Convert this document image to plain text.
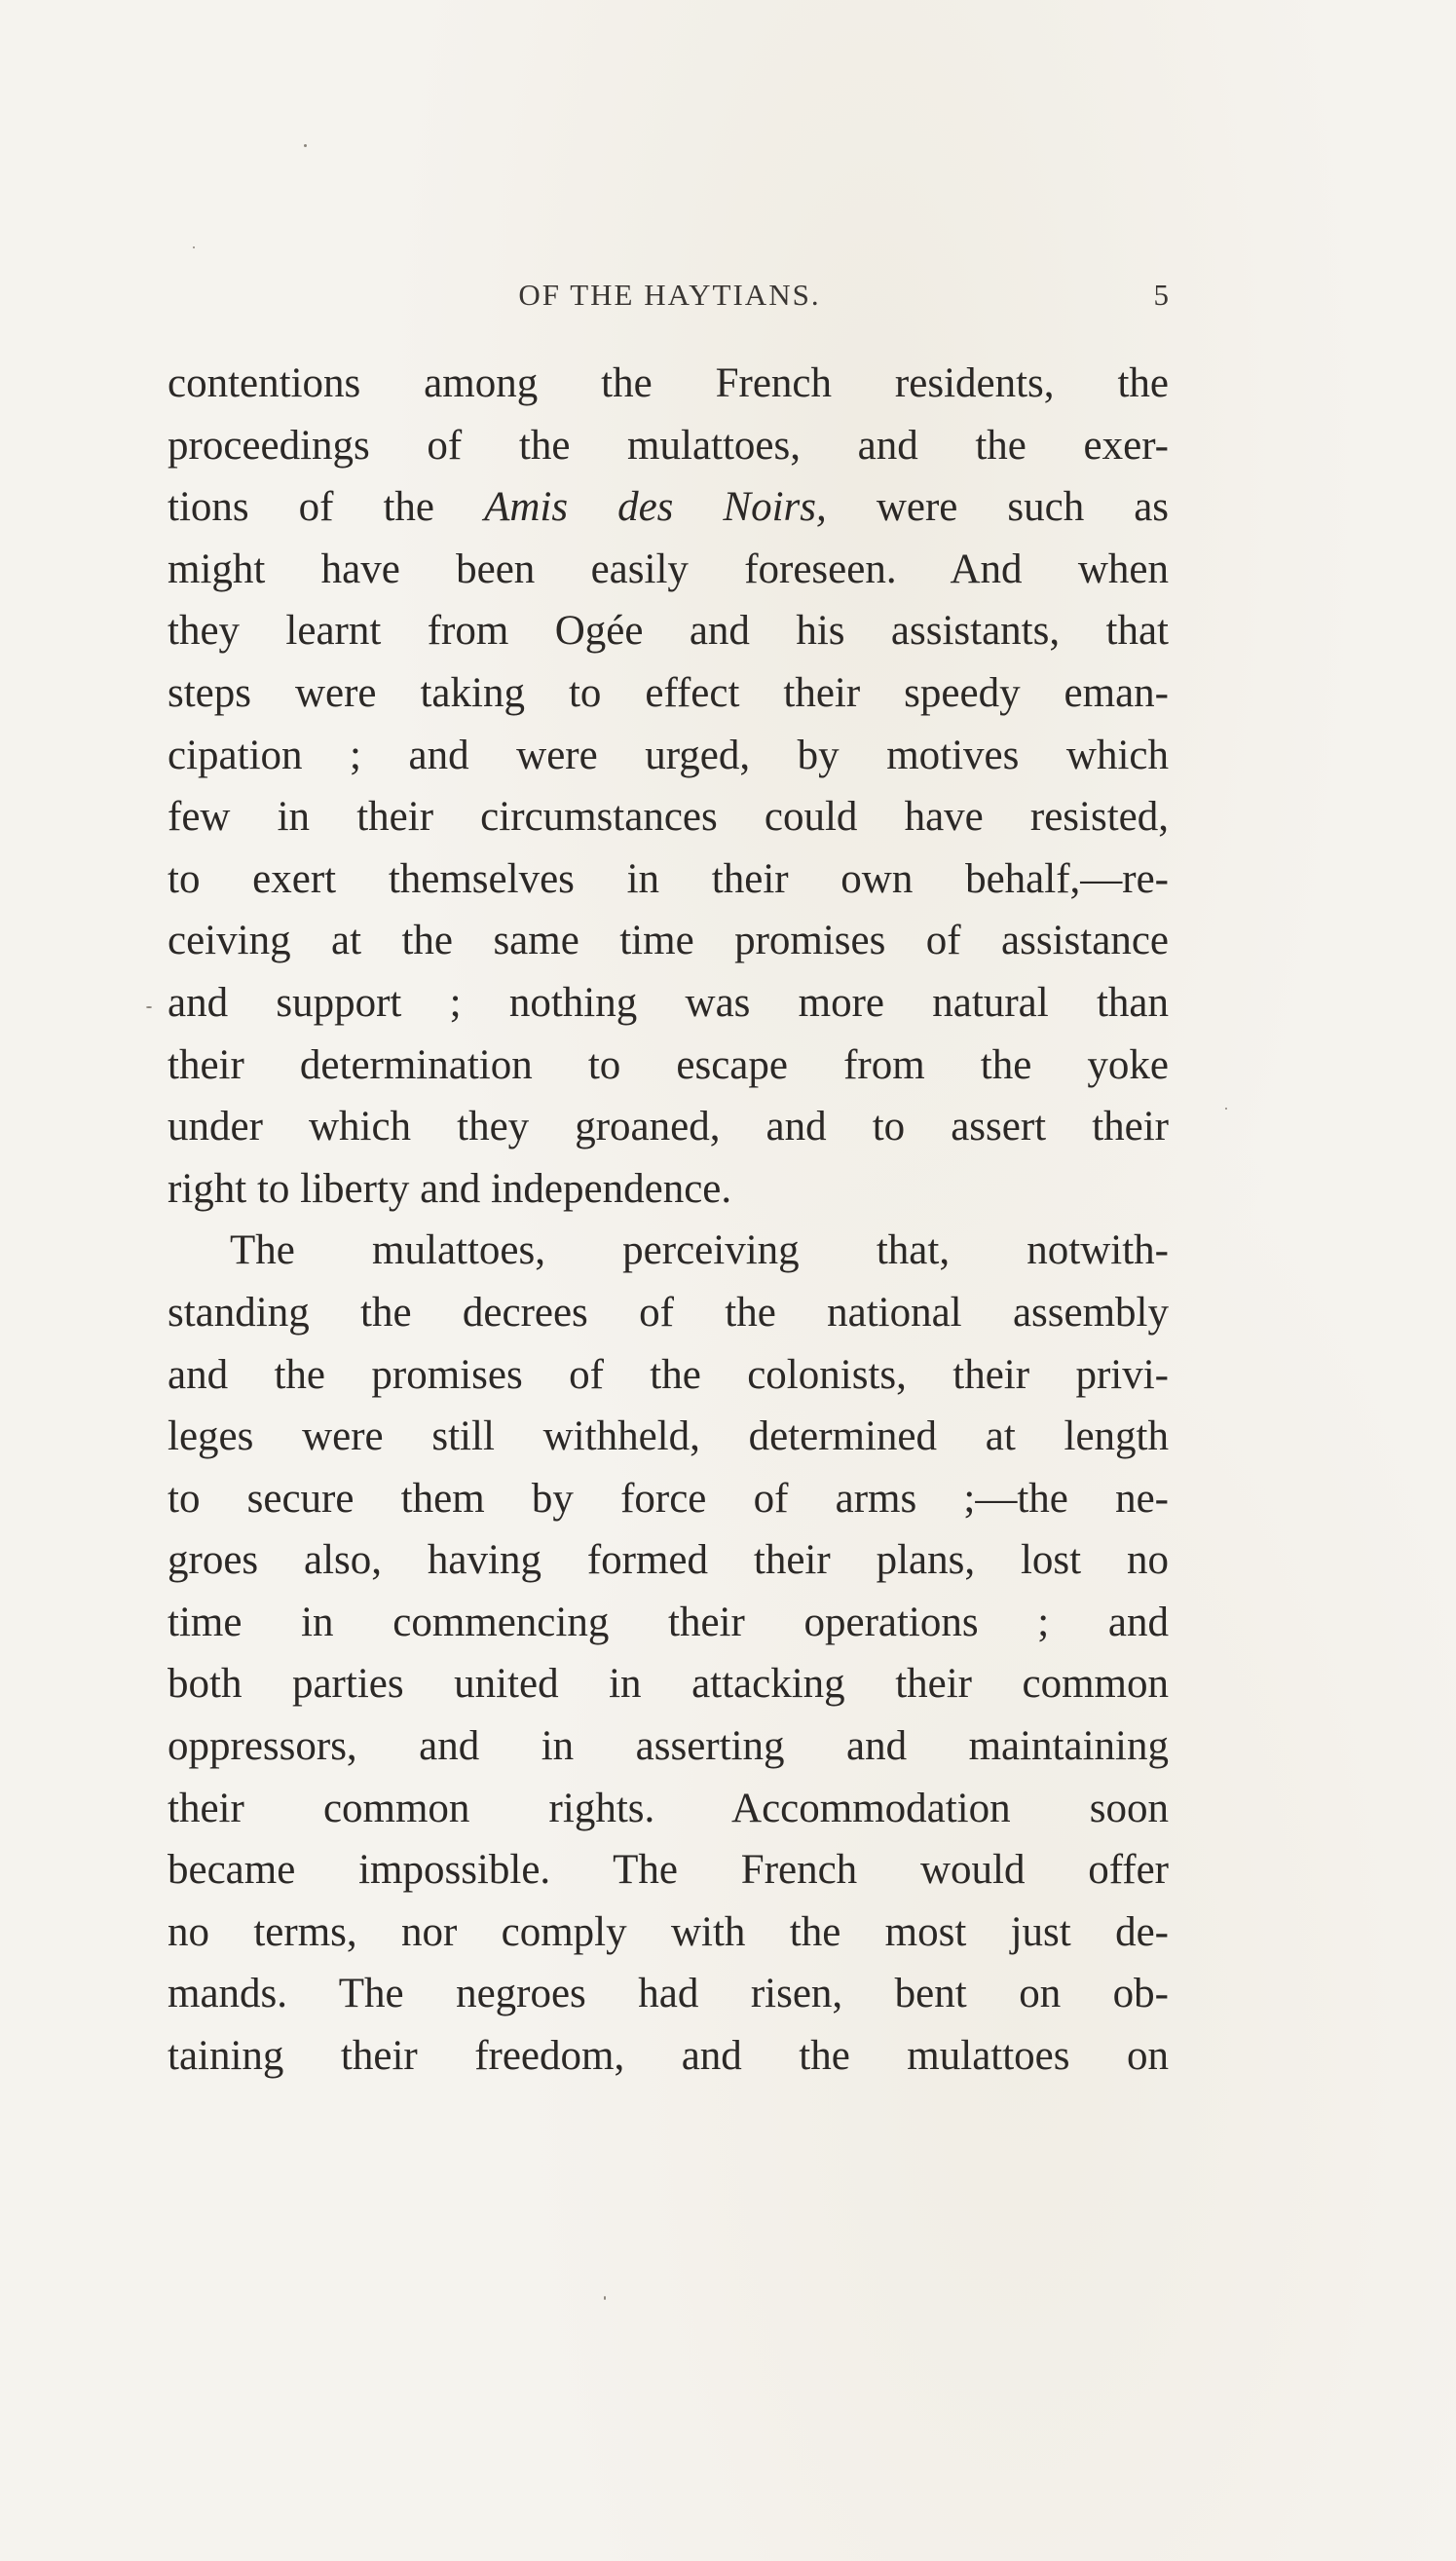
OF THE HAYTIANS.	5
contentions among the French residents, the
proceedings of the mulattoes, and the exer-
tions of the Amis des Noirs, were such as
might have been easily foreseen. And when
they learnt from Ogée and his assistants, that
steps were taking to effect their speedy eman-
cipation ; and were urged, by motives which
few in their circumstances could have resisted,
to exert themselves in their own behalf,—re-
ceiving at the same time promises of assistance
and support ; nothing was more natural than
their determination to escape from the yoke
under which they groaned, and to assert their
right to liberty and independence.
The mulattoes, perceiving that, notwith-
standing the decrees of the national assembly
and the promises of the colonists, their privi-
leges were still withheld, determined at length
to secure them by force of arms ;—the ne-
groes also, having formed their plans, lost no
time in commencing their operations ; and
both parties united in attacking their common
oppressors, and in asserting and maintaining
their common rights. Accommodation soon
became impossible. The French would offer
no terms, nor comply with the most just de-
mands. The negroes had risen, bent on ob-
taining their freedom, and the mulattoes on
